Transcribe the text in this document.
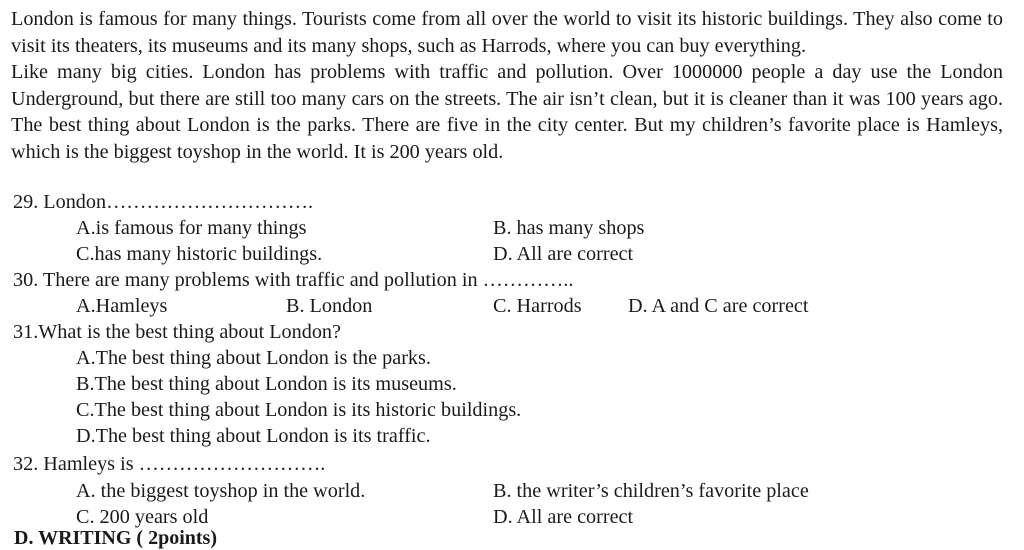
London is famous for many things. Tourists come from all over the world to visit its historic buildings. They also come to visit its theaters, its museums and its many shops, such as Harrods, where you can buy everything.

Like many big cities. London has problems with traffic and pollution. Over 1000000 people a day use the London Underground, but there are still too many cars on the streets. The air isn’t clean, but it is cleaner than it was 100 years ago. The best thing about London is the parks. There are five in the city center. But my children’s favorite place is Hamleys, which is the biggest toyshop in the world. It is 200 years old.

29. London………………………….
A.is famous for many things	B. has many shops
C.has many historic buildings.	D. All are correct
30. There are many problems with traffic and pollution in …………..
A.Hamleys	B. London	C. Harrods D. A and C are correct
31.What is the best thing about London?
A.The best thing about London is the parks.
B.The best thing about London is its museums.
C.The best thing about London is its historic buildings.
D.The best thing about London is its traffic.
32. Hamleys is ……………………….
A. the biggest toyshop in the world.	B. the writer’s children’s favorite place
C. 200 years old	D. All are correct
D. WRITING ( 2points)
